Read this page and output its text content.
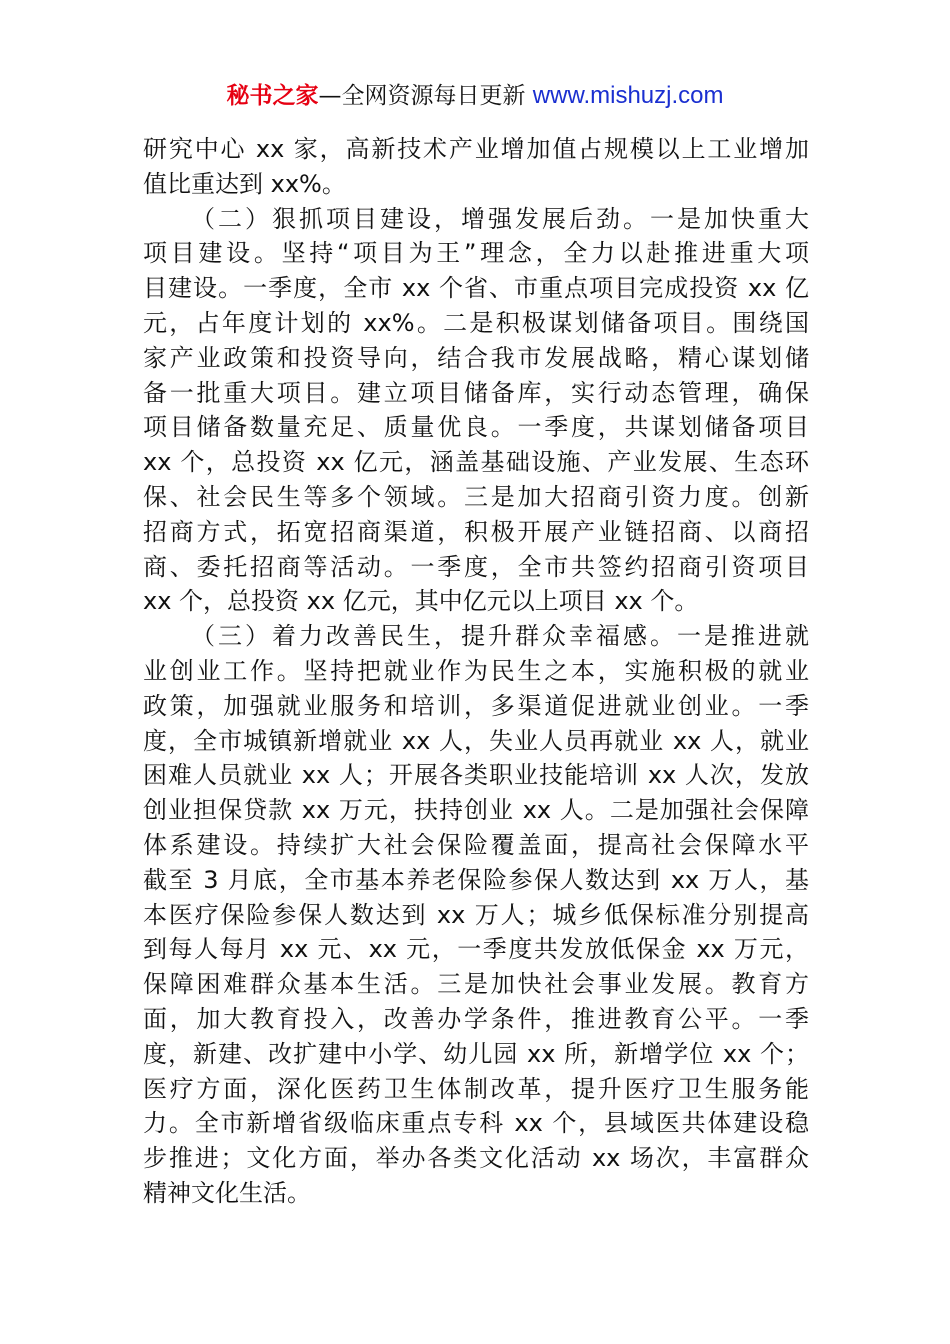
秘书之家—全网资源每日更新 www.mishuzj.com
研究中心 xx 家，高新技术产业增加值占规模以上工业增加
值比重达到 xx%。
（二）狠抓项目建设，增强发展后劲。一是加快重大
项目建设。坚持“项目为王”理念，全力以赴推进重大项
目建设。一季度，全市 xx 个省、市重点项目完成投资 xx 亿
元，占年度计划的 xx%。二是积极谋划储备项目。围绕国
家产业政策和投资导向，结合我市发展战略，精心谋划储
备一批重大项目。建立项目储备库，实行动态管理，确保
项目储备数量充足、质量优良。一季度，共谋划储备项目
xx 个，总投资 xx 亿元，涵盖基础设施、产业发展、生态环
保、社会民生等多个领域。三是加大招商引资力度。创新
招商方式，拓宽招商渠道，积极开展产业链招商、以商招
商、委托招商等活动。一季度，全市共签约招商引资项目
xx 个，总投资 xx 亿元，其中亿元以上项目 xx 个。
（三）着力改善民生，提升群众幸福感。一是推进就
业创业工作。坚持把就业作为民生之本，实施积极的就业
政策，加强就业服务和培训，多渠道促进就业创业。一季
度，全市城镇新增就业 xx 人，失业人员再就业 xx 人，就业
困难人员就业 xx 人；开展各类职业技能培训 xx 人次，发放
创业担保贷款 xx 万元，扶持创业 xx 人。二是加强社会保障
体系建设。持续扩大社会保险覆盖面，提高社会保障水平
截至 3 月底，全市基本养老保险参保人数达到 xx 万人，基
本医疗保险参保人数达到 xx 万人；城乡低保标准分别提高
到每人每月 xx 元、xx 元，一季度共发放低保金 xx 万元，
保障困难群众基本生活。三是加快社会事业发展。教育方
面，加大教育投入，改善办学条件，推进教育公平。一季
度，新建、改扩建中小学、幼儿园 xx 所，新增学位 xx 个；
医疗方面，深化医药卫生体制改革，提升医疗卫生服务能
力。全市新增省级临床重点专科 xx 个，县域医共体建设稳
步推进；文化方面，举办各类文化活动 xx 场次，丰富群众
精神文化生活。
